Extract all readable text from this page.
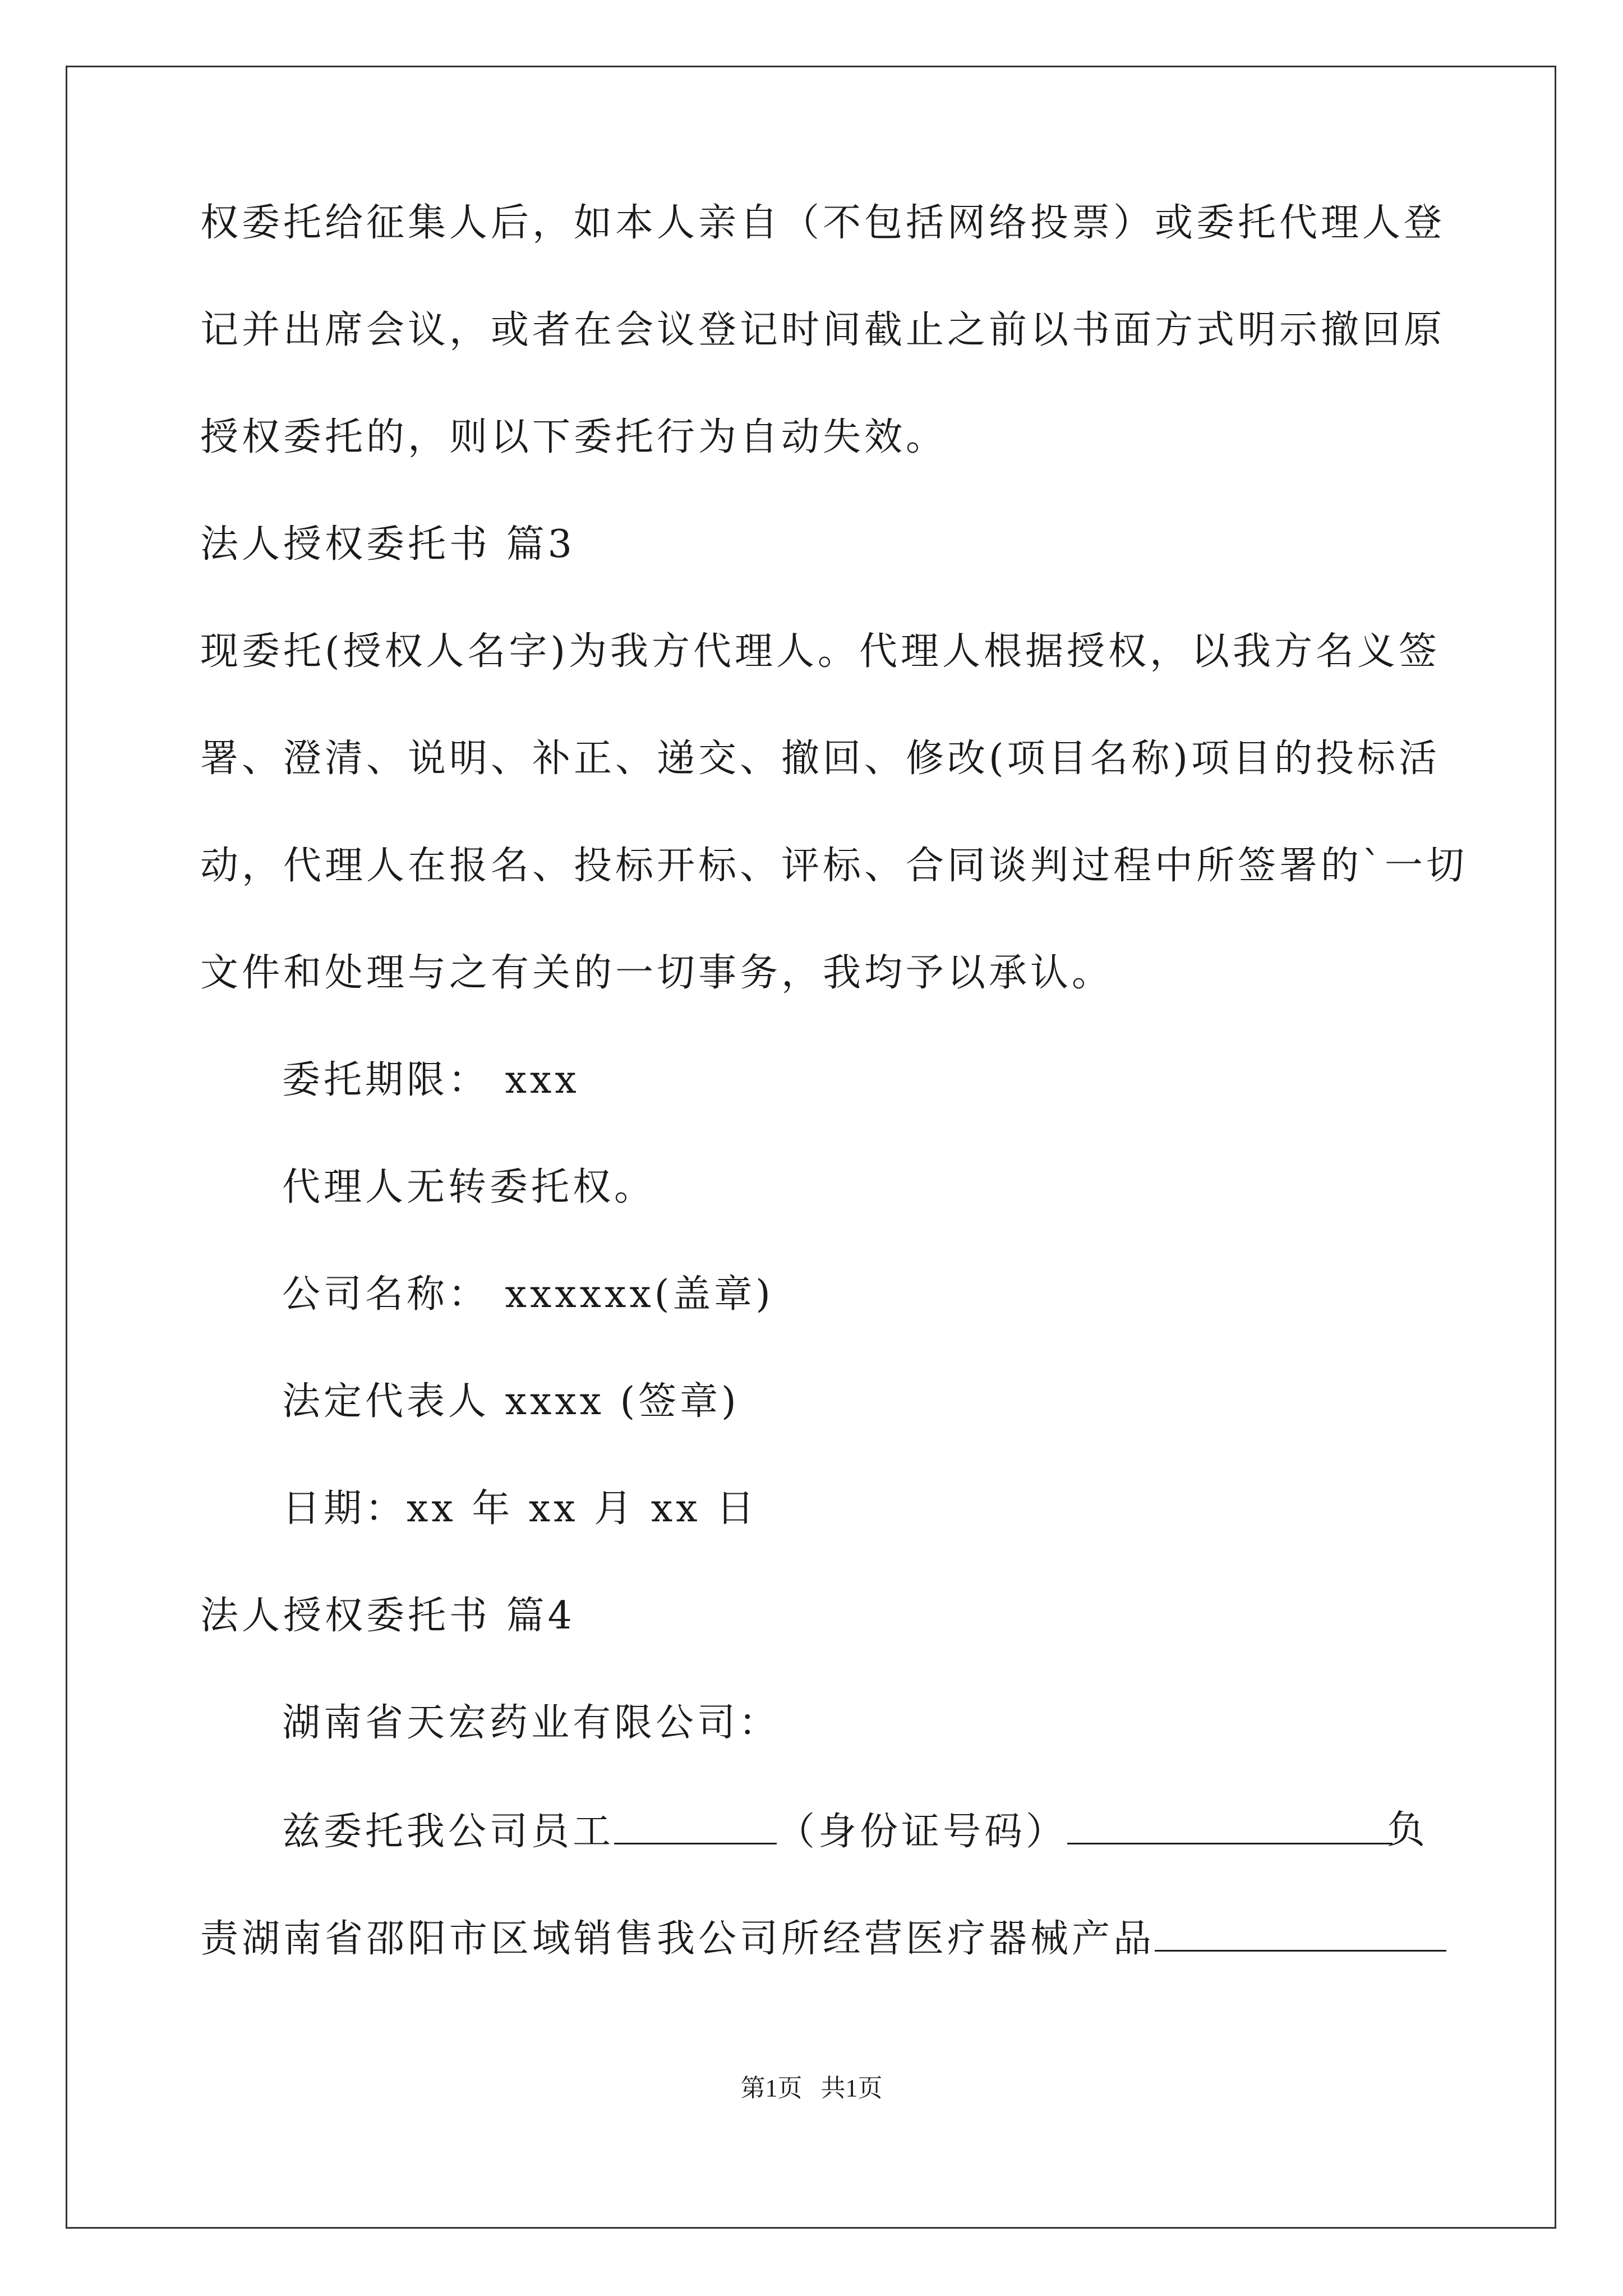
权委托给征集人后，如本人亲自（不包括网络投票）或委托代理人登
记并出席会议，或者在会议登记时间截止之前以书面方式明示撤回原
授权委托的，则以下委托行为自动失效。
法人授权委托书 篇3
现委托(授权人名字)为我方代理人。代理人根据授权，以我方名义签
署、澄清、说明、补正、递交、撤回、修改(项目名称)项目的投标活
动，代理人在报名、投标开标、评标、合同谈判过程中所签署的`一切
文件和处理与之有关的一切事务，我均予以承认。
委托期限： xxx
代理人无转委托权。
公司名称： xxxxxx(盖章)
法定代表人 xxxx (签章)
日期：xx 年 xx 月 xx 日
法人授权委托书 篇4
湖南省天宏药业有限公司：
兹委托我公司员工	（身份证号码）	负
责湖南省邵阳市区域销售我公司所经营医疗器械产品
第1页   共1页
